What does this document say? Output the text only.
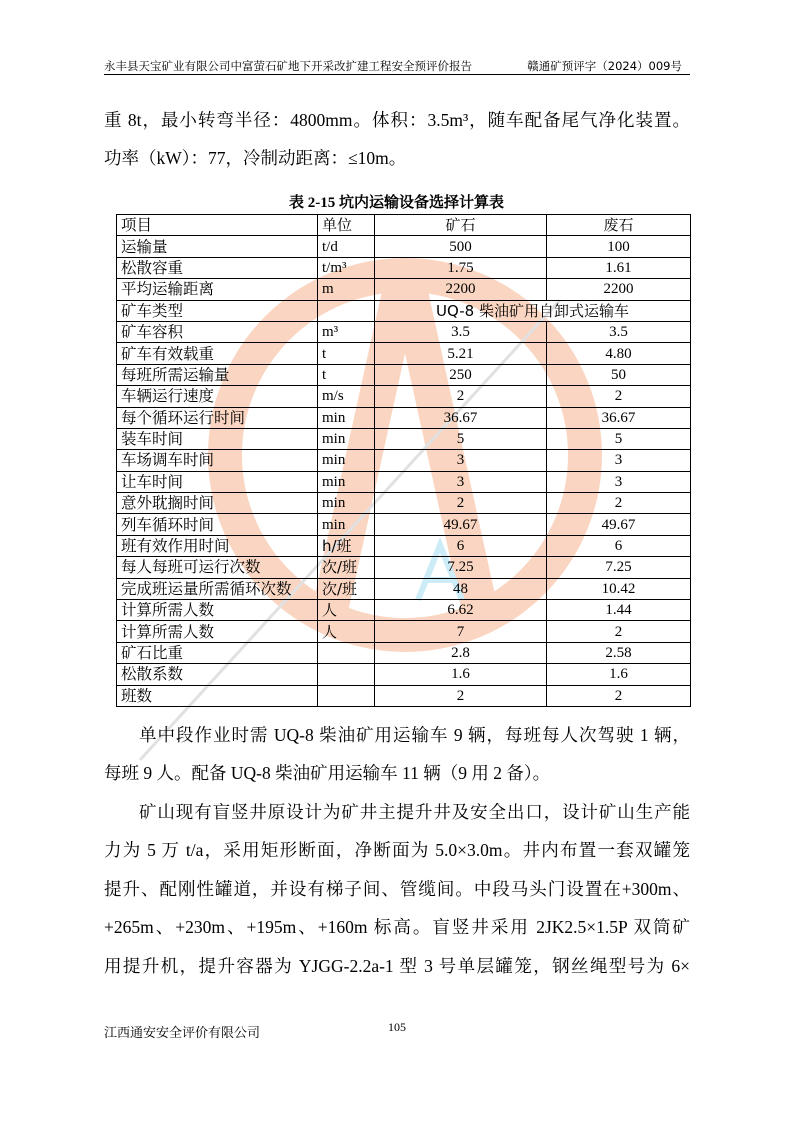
永丰县天宝矿业有限公司中富萤石矿地下开采改扩建工程安全预评价报告	赣通矿预评字（2024）009号
重 8t，最小转弯半径：4800mm。体积：3.5m³，随车配备尾气净化装置。
功率（kW）：77，冷制动距离：≤10m。
表 2-15 坑内运输设备选择计算表
项目	单位	矿石	废石
运输量	t/d	500	100
松散容重	t/m³	1.75	1.61
平均运输距离	m	2200	2200
矿车类型		UQ-8 柴油矿用自卸式运输车	
矿车容积	m³	3.5	3.5
矿车有效载重	t	5.21	4.80
每班所需运输量	t	250	50
车辆运行速度	m/s	2	2
每个循环运行时间	min	36.67	36.67
装车时间	min	5	5
车场调车时间	min	3	3
让车时间	min	3	3
意外耽搁时间	min	2	2
列车循环时间	min	49.67	49.67
班有效作用时间	h/班	6	6
每人每班可运行次数	次/班	7.25	7.25
完成班运量所需循环次数	次/班	48	10.42
计算所需人数	人	6.62	1.44
计算所需人数	人	7	2
矿石比重		2.8	2.58
松散系数		1.6	1.6
班数		2	2
单中段作业时需 UQ-8 柴油矿用运输车 9 辆，每班每人次驾驶 1 辆，
每班 9 人。配备 UQ-8 柴油矿用运输车 11 辆（9 用 2 备）。
矿山现有盲竖井原设计为矿井主提升井及安全出口，设计矿山生产能
力为 5 万 t/a，采用矩形断面，净断面为 5.0×3.0m。井内布置一套双罐笼
提升、配刚性罐道，并设有梯子间、管缆间。中段马头门设置在+300m、
+265m、+230m、+195m、+160m 标高。盲竖井采用 2JK2.5×1.5P 双筒矿
用提升机，提升容器为 YJGG-2.2a-1 型 3 号单层罐笼，钢丝绳型号为 6×
江西通安安全评价有限公司	105
